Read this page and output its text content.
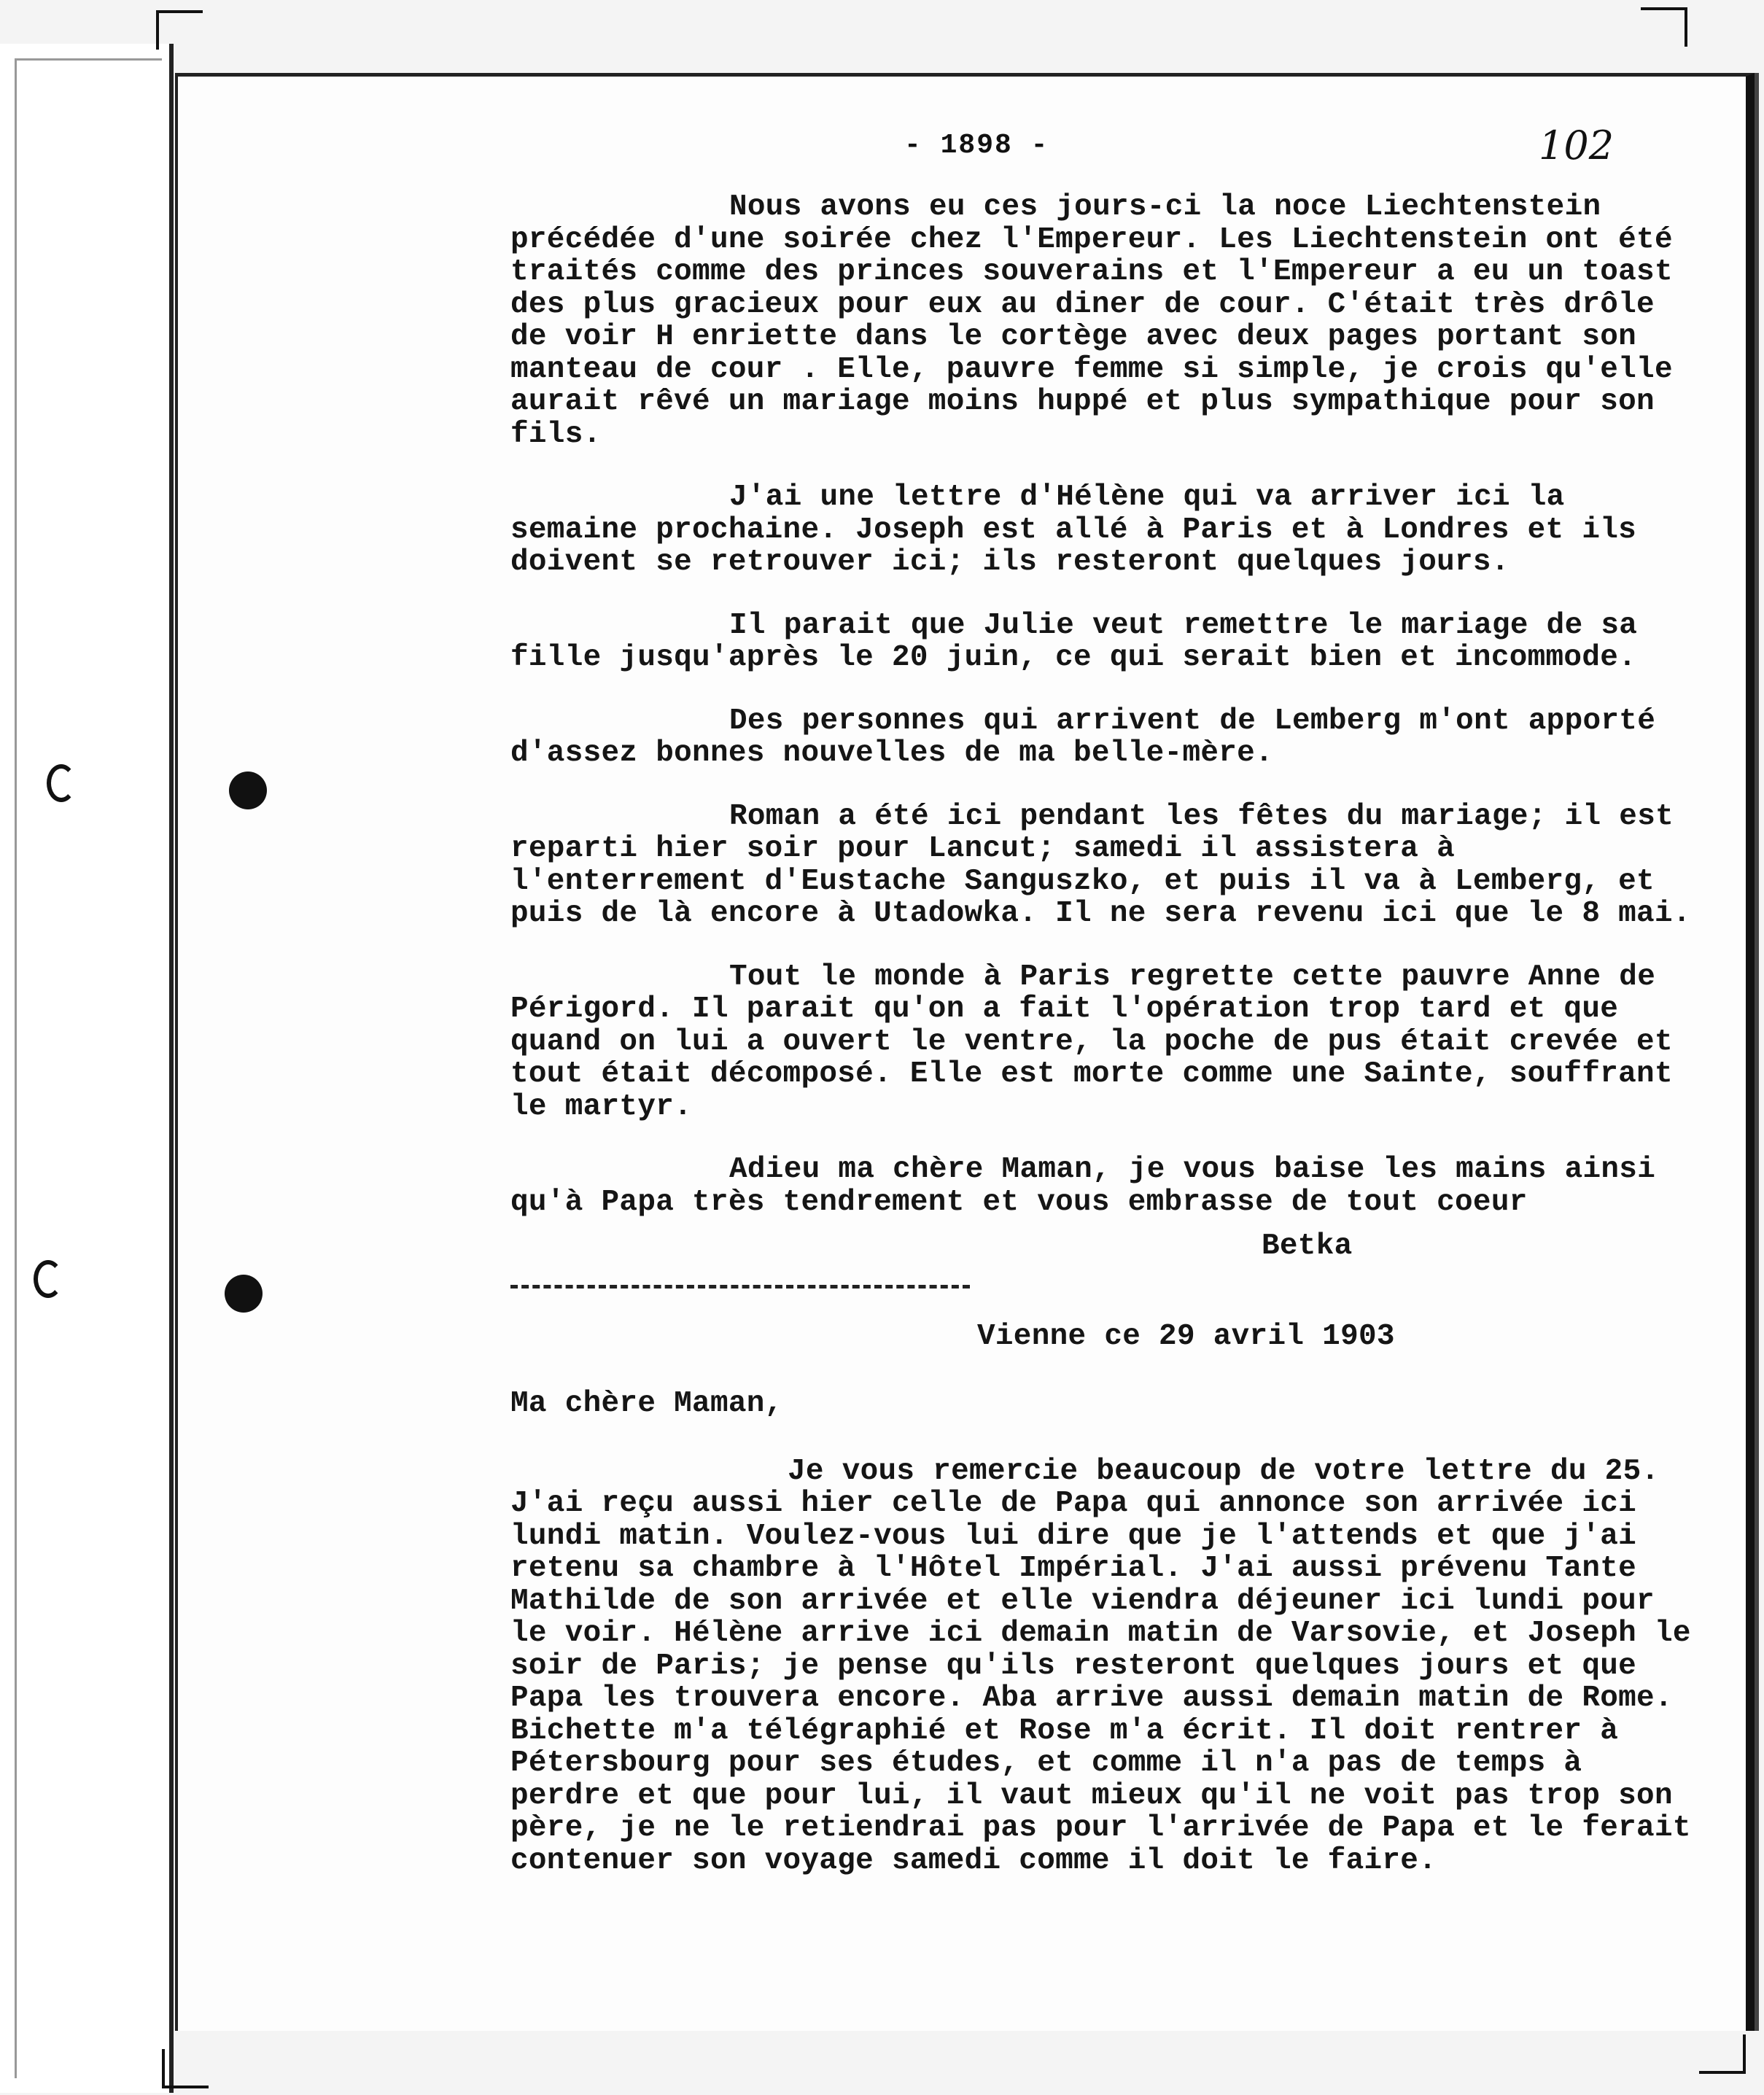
- 1898 -	102

Nous avons eu ces jours-ci la noce Liechtenstein précédée d'une soirée chez l'Empereur. Les Liechtenstein ont été traités comme des princes souverains et l'Empereur a eu un toast des plus gracieux pour eux au diner de cour. C'était très drôle de voir H enriette dans le cortège avec deux pages portant son manteau de cour . Elle, pauvre femme si simple, je crois qu'elle aurait rêvé un mariage moins huppé et plus sympathique pour son fils.

J'ai une lettre d'Hélène qui va arriver ici la semaine prochaine. Joseph est allé à Paris et à Londres et ils doivent se retrouver ici; ils resteront quelques jours.

Il parait que Julie veut remettre le mariage de sa fille jusqu'après le 20 juin, ce qui serait bien et incommode.

Des personnes qui arrivent de Lemberg m'ont apporté d'assez bonnes nouvelles de ma belle-mère.

Roman a été ici pendant les fêtes du mariage; il est reparti hier soir pour Lancut; samedi il assistera à l'enterrement d'Eustache Sanguszko, et puis il va à Lemberg, et puis de là encore à Utadowka. Il ne sera revenu ici que le 8 mai.

Tout le monde à Paris regrette cette pauvre Anne de Périgord. Il parait qu'on a fait l'opération trop tard et que quand on lui a ouvert le ventre, la poche de pus était crevée et tout était décomposé. Elle est morte comme une Sainte, souffrant le martyr.

Adieu ma chère Maman, je vous baise les mains ainsi qu'à Papa très tendrement et vous embrasse de tout coeur

Betka
Vienne ce 29 avril 1903
Ma chère Maman,

Je vous remercie beaucoup de votre lettre du 25. J'ai reçu aussi hier celle de Papa qui annonce son arrivée ici lundi matin. Voulez-vous lui dire que je l'attends et que j'ai retenu sa chambre à l'Hôtel Impérial. J'ai aussi prévenu Tante Mathilde de son arrivée et elle viendra déjeuner ici lundi pour le voir. Hélène arrive ici demain matin de Varsovie, et Joseph le soir de Paris; je pense qu'ils resteront quelques jours et que Papa les trouvera encore. Aba arrive aussi demain matin de Rome. Bichette m'a télégraphié et Rose m'a écrit. Il doit rentrer à Pétersbourg pour ses études, et comme il n'a pas de temps à perdre et que pour lui, il vaut mieux qu'il ne voit pas trop son père, je ne le retiendrai pas pour l'arrivée de Papa et le ferait contenuer son voyage samedi comme il doit le faire.
